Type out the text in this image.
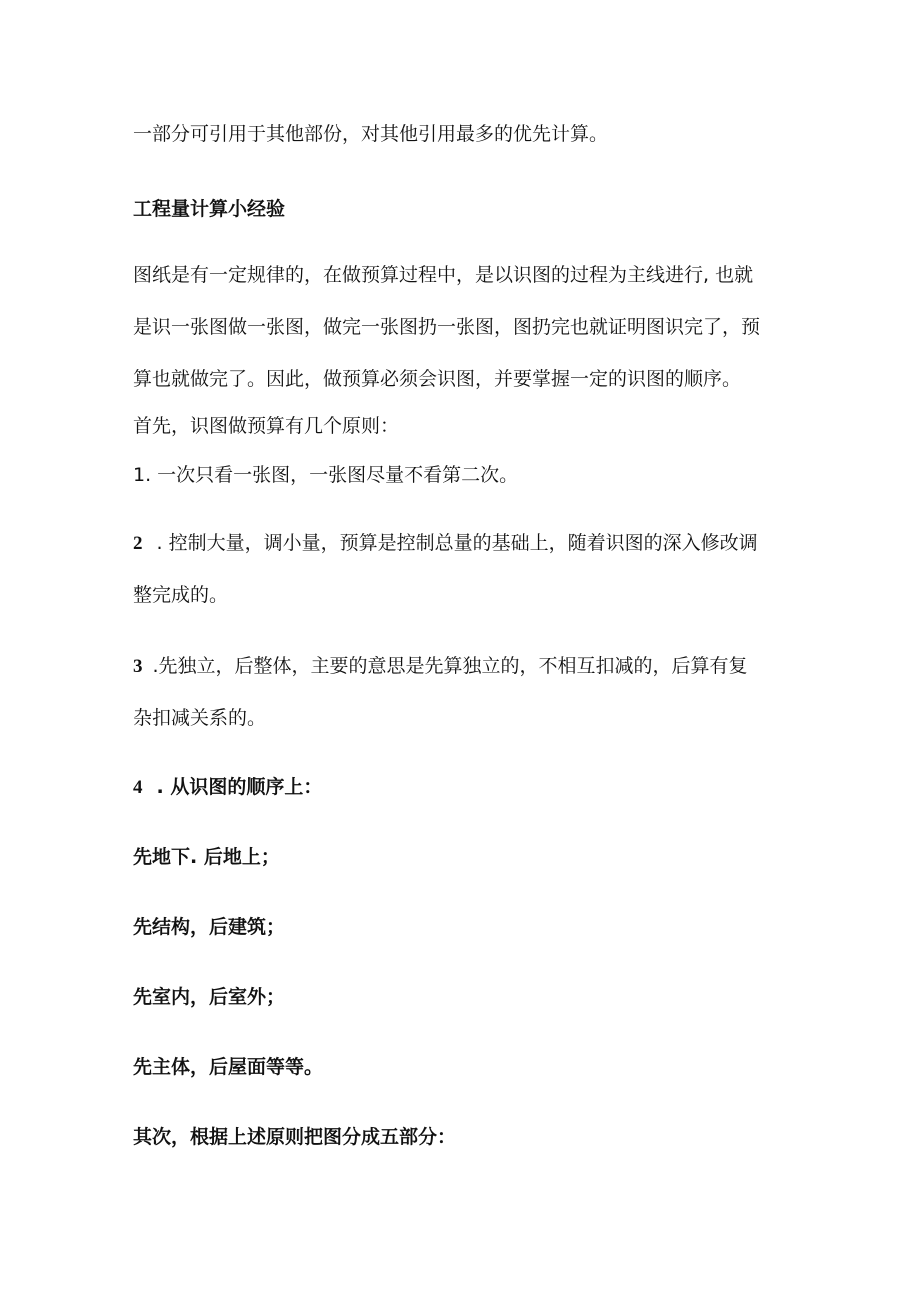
一部分可引用于其他部份，对其他引用最多的优先计算。
工程量计算小经验
图纸是有一定规律的，在做预算过程中，是以识图的过程为主线进行, 也就
是识一张图做一张图，做完一张图扔一张图，图扔完也就证明图识完了，预
算也就做完了。因此，做预算必须会识图，并要掌握一定的识图的顺序。
首先，识图做预算有几个原则：
1. 一次只看一张图，一张图尽量不看第二次。
2 . 控制大量，调小量，预算是控制总量的基础上，随着识图的深入修改调
整完成的。
3 .先独立，后整体，主要的意思是先算独立的，不相互扣减的，后算有复
杂扣减关系的。
4 . 从识图的顺序上：
先地下. 后地上；
先结构，后建筑；
先室内，后室外；
先主体，后屋面等等。
其次，根据上述原则把图分成五部分：
